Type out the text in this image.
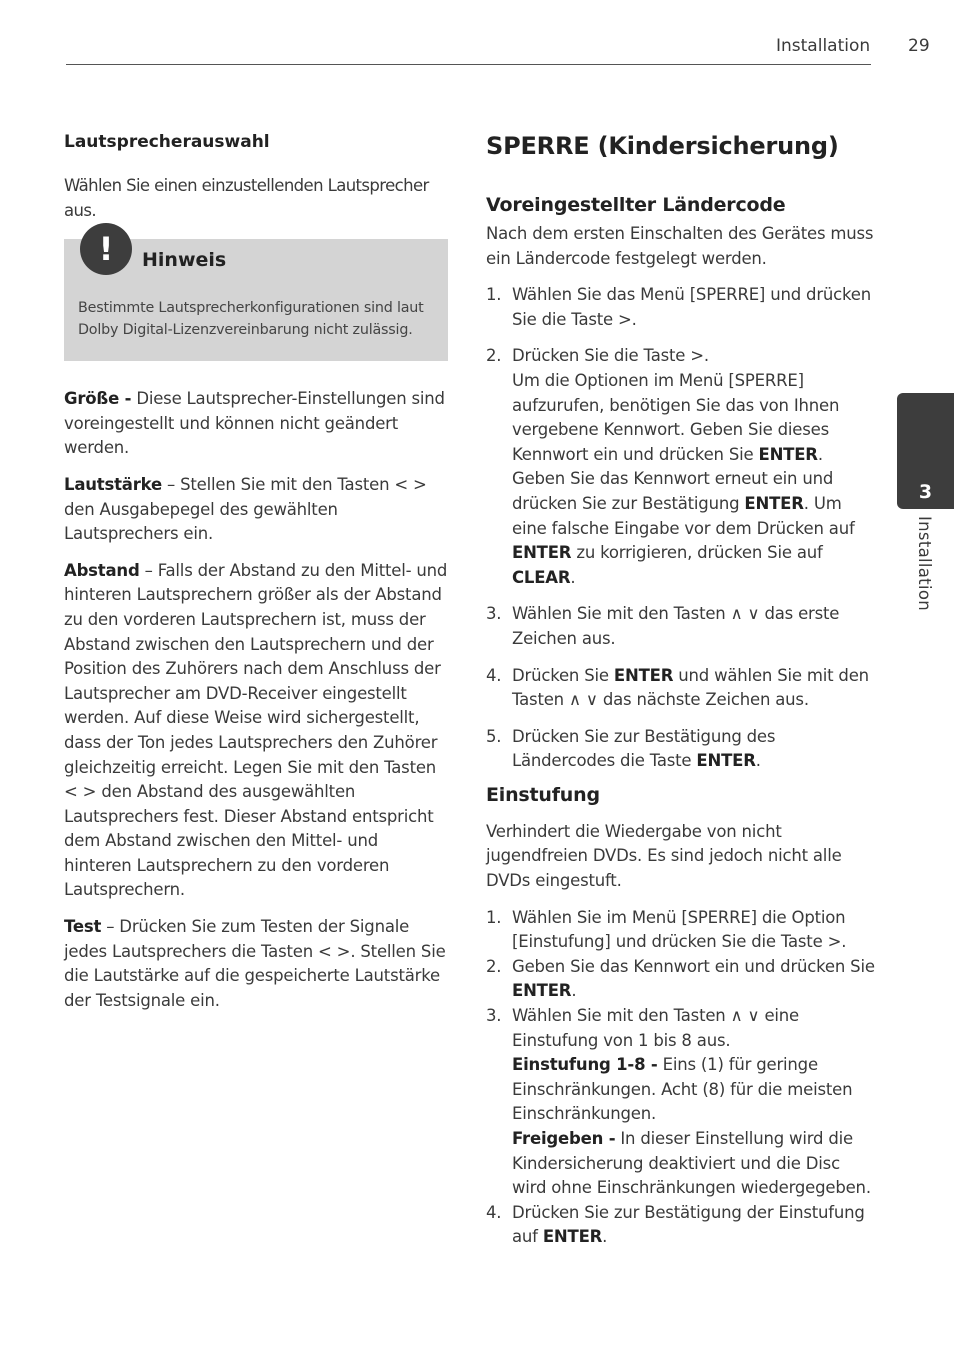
Installation 29
Lautsprecherauswahl

Wählen Sie einen einzustellenden Lautsprecher aus.

!	Hinweis
Bestimmte Lautsprecherkonfigurationen sind laut Dolby Digital-Lizenzvereinbarung nicht zulässig.

Größe - Diese Lautsprecher-Einstellungen sind voreingestellt und können nicht geändert werden.

Lautstärke – Stellen Sie mit den Tasten < > den Ausgabepegel des gewählten Lautsprechers ein.

Abstand – Falls der Abstand zu den Mittel- und hinteren Lautsprechern größer als der Abstand zu den vorderen Lautsprechern ist, muss der Abstand zwischen den Lautsprechern und der Position des Zuhörers nach dem Anschluss der Lautsprecher am DVD-Receiver eingestellt werden. Auf diese Weise wird sichergestellt, dass der Ton jedes Lautsprechers den Zuhörer gleichzeitig erreicht. Legen Sie mit den Tasten < > den Abstand des ausgewählten Lautsprechers fest. Dieser Abstand entspricht dem Abstand zwischen den Mittel- und hinteren Lautsprechern zu den vorderen Lautsprechern.

Test – Drücken Sie zum Testen der Signale jedes Lautsprechers die Tasten < >. Stellen Sie die Lautstärke auf die gespeicherte Lautstärke der Testsignale ein.

SPERRE (Kindersicherung)
Voreingestellter Ländercode

Nach dem ersten Einschalten des Gerätes muss ein Ländercode festgelegt werden.

1. Wählen Sie das Menü [SPERRE] und drücken Sie die Taste >.
2. Drücken Sie die Taste >.
Um die Optionen im Menü [SPERRE] aufzurufen, benötigen Sie das von Ihnen vergebene Kennwort. Geben Sie dieses Kennwort ein und drücken Sie ENTER. Geben Sie das Kennwort erneut ein und drücken Sie zur Bestätigung ENTER. Um eine falsche Eingabe vor dem Drücken auf ENTER zu korrigieren, drücken Sie auf CLEAR.
3. Wählen Sie mit den Tasten ∧ ∨ das erste Zeichen aus.
4. Drücken Sie ENTER und wählen Sie mit den Tasten ∧ ∨ das nächste Zeichen aus.
5. Drücken Sie zur Bestätigung des Ländercodes die Taste ENTER.
Einstufung

Verhindert die Wiedergabe von nicht jugendfreien DVDs. Es sind jedoch nicht alle DVDs eingestuft.

1. Wählen Sie im Menü [SPERRE] die Option [Einstufung] und drücken Sie die Taste >.
2. Geben Sie das Kennwort ein und drücken Sie ENTER.
3. Wählen Sie mit den Tasten ∧ ∨ eine Einstufung von 1 bis 8 aus.
Einstufung 1-8 - Eins (1) für geringe Einschränkungen. Acht (8) für die meisten Einschränkungen.
Freigeben - In dieser Einstellung wird die Kindersicherung deaktiviert und die Disc wird ohne Einschränkungen wiedergegeben.
4. Drücken Sie zur Bestätigung der Einstufung auf ENTER.
3
Installation
